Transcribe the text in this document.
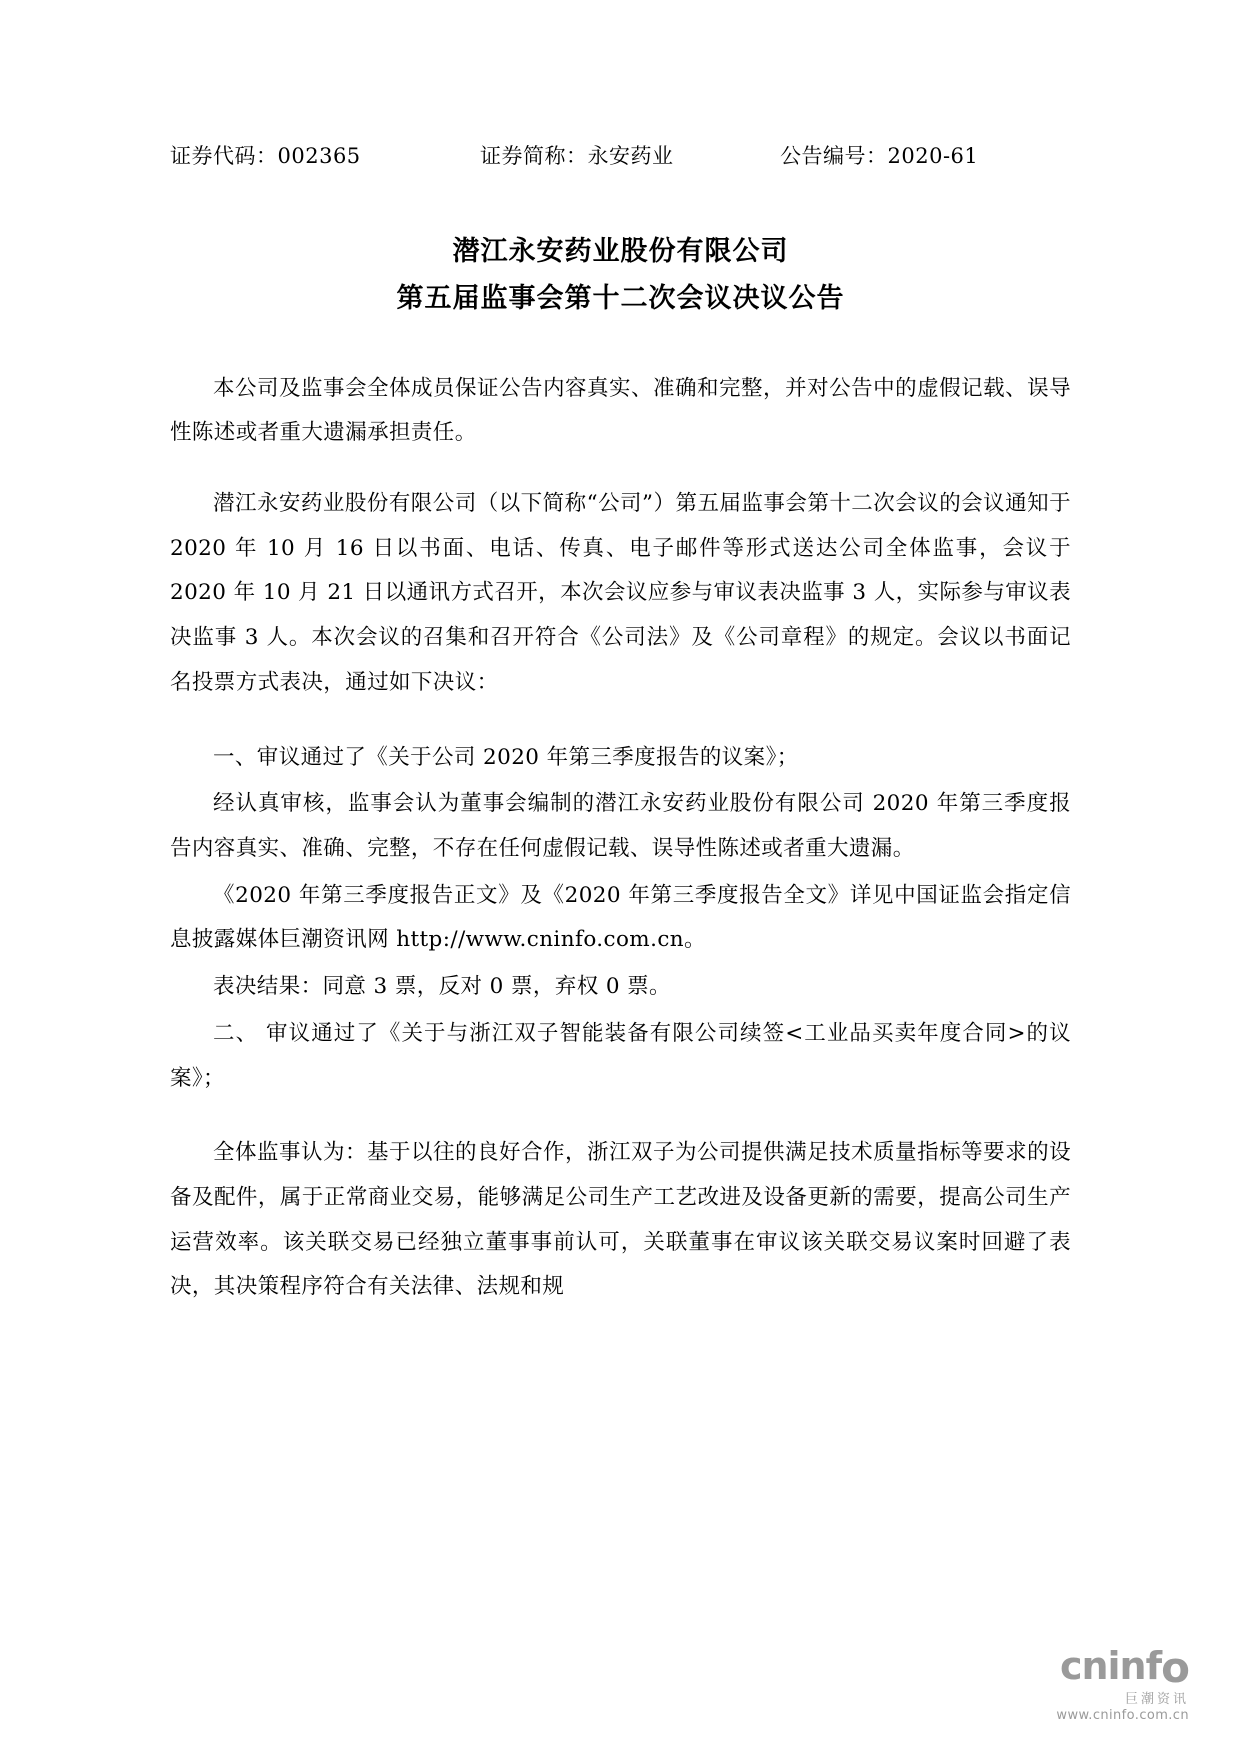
证券代码：002365	证券简称：永安药业	公告编号：2020-61
潜江永安药业股份有限公司
第五届监事会第十二次会议决议公告

本公司及监事会全体成员保证公告内容真实、准确和完整，并对公告中的虚假记载、误导性陈述或者重大遗漏承担责任。

潜江永安药业股份有限公司（以下简称“公司”）第五届监事会第十二次会议的会议通知于 2020 年 10 月 16 日以书面、电话、传真、电子邮件等形式送达公司全体监事，会议于 2020 年 10 月 21 日以通讯方式召开，本次会议应参与审议表决监事 3 人，实际参与审议表决监事 3 人。本次会议的召集和召开符合《公司法》及《公司章程》的规定。会议以书面记名投票方式表决，通过如下决议：

一、审议通过了《关于公司 2020 年第三季度报告的议案》；

经认真审核，监事会认为董事会编制的潜江永安药业股份有限公司 2020 年第三季度报告内容真实、准确、完整，不存在任何虚假记载、误导性陈述或者重大遗漏。

《2020 年第三季度报告正文》及《2020 年第三季度报告全文》详见中国证监会指定信息披露媒体巨潮资讯网 http://www.cninfo.com.cn。

表决结果：同意 3 票，反对 0 票，弃权 0 票。

二、 审议通过了《关于与浙江双子智能装备有限公司续签<工业品买卖年度合同>的议案》；

全体监事认为：基于以往的良好合作，浙江双子为公司提供满足技术质量指标等要求的设备及配件，属于正常商业交易，能够满足公司生产工艺改进及设备更新的需要，提高公司生产运营效率。该关联交易已经独立董事事前认可，关联董事在审议该关联交易议案时回避了表决，其决策程序符合有关法律、法规和规

cninfo
巨潮资讯
www.cninfo.com.cn
